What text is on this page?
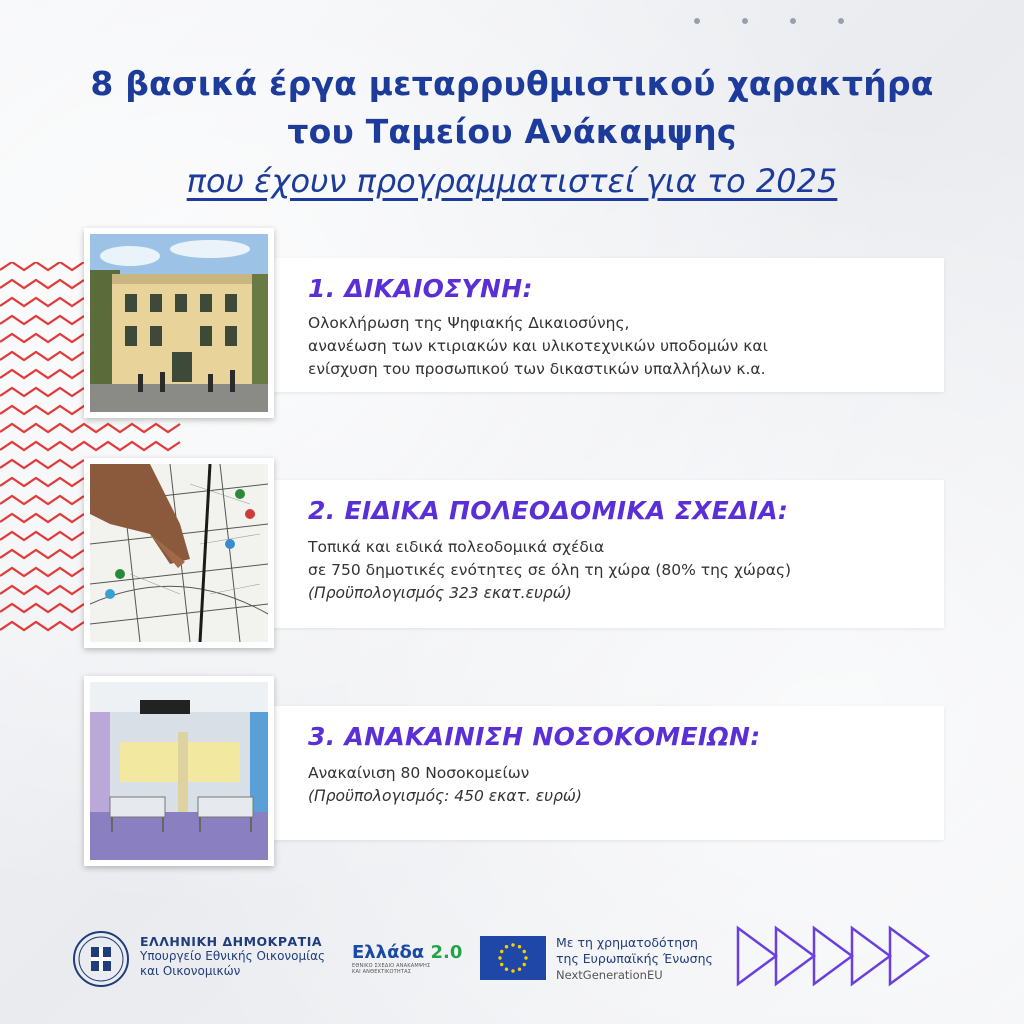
8 βασικά έργα μεταρρυθμιστικού χαρακτήρα
του Ταμείου Ανάκαμψης
που έχουν προγραμματιστεί για το 2025
1. ΔΙΚΑΙΟΣΥΝΗ:
Ολοκλήρωση της Ψηφιακής Δικαιοσύνης,
ανανέωση των κτιριακών και υλικοτεχνικών υποδομών και
ενίσχυση του προσωπικού των δικαστικών υπαλλήλων κ.α.
2. ΕΙΔΙΚΑ ΠΟΛΕΟΔΟΜΙΚΑ ΣΧΕΔΙΑ:
Τοπικά και ειδικά πολεοδομικά σχέδια
σε 750 δημοτικές ενότητες σε όλη τη χώρα (80% της χώρας)
(Προϋπολογισμός 323 εκατ.ευρώ)
3. ΑΝΑΚΑΙΝΙΣΗ ΝΟΣΟΚΟΜΕΙΩΝ:
Ανακαίνιση 80 Νοσοκομείων
(Προϋπολογισμός: 450 εκατ. ευρώ)
ΕΛΛΗΝΙΚΗ ΔΗΜΟΚΡΑΤΙΑ
Υπουργείο Εθνικής Οικονομίας
και Οικονομικών
Ελλάδα 2.0
ΕΘΝΙΚΟ ΣΧΕΔΙΟ ΑΝΑΚΑΜΨΗΣ
ΚΑΙ ΑΝΘΕΚΤΙΚΟΤΗΤΑΣ
Με τη χρηματοδότηση
της Ευρωπαϊκής Ένωσης
NextGenerationEU
